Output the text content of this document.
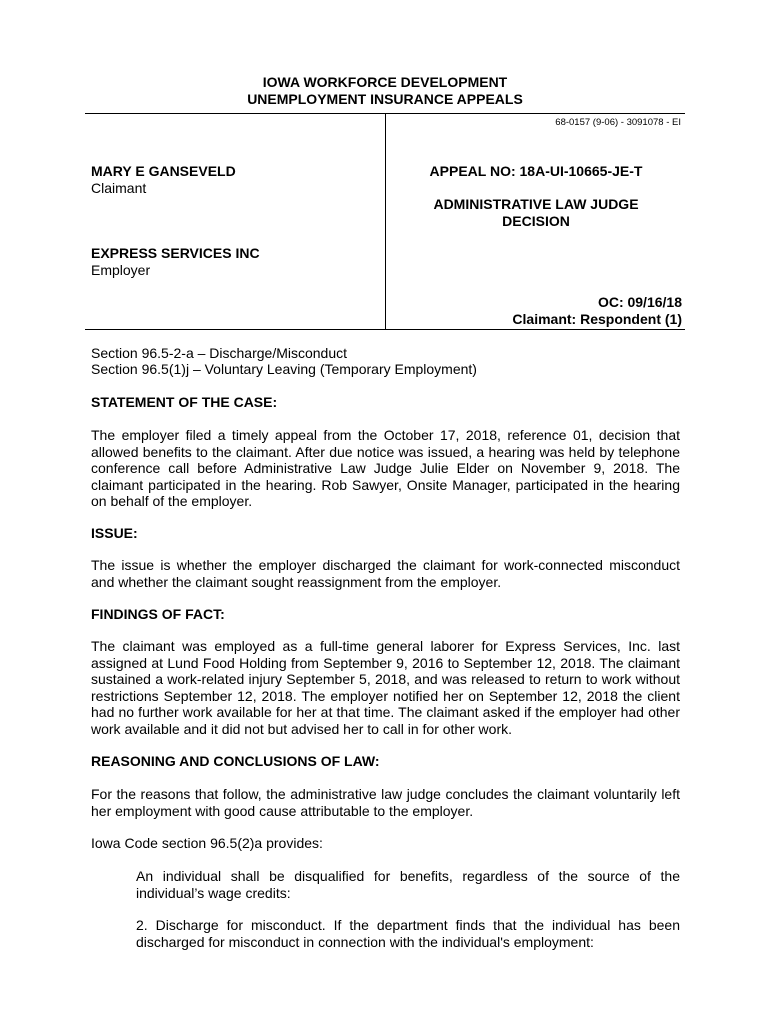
IOWA WORKFORCE DEVELOPMENT
UNEMPLOYMENT INSURANCE APPEALS
68-0157 (9-06) - 3091078 - EI
MARY E GANSEVELD
Claimant
EXPRESS SERVICES INC
Employer
APPEAL NO: 18A-UI-10665-JE-T
ADMINISTRATIVE LAW JUDGE
DECISION
OC: 09/16/18
Claimant: Respondent (1)
Section 96.5-2-a – Discharge/Misconduct
Section 96.5(1)j – Voluntary Leaving (Temporary Employment)
STATEMENT OF THE CASE:
The employer filed a timely appeal from the October 17, 2018, reference 01, decision that allowed benefits to the claimant. After due notice was issued, a hearing was held by telephone conference call before Administrative Law Judge Julie Elder on November 9, 2018. The claimant participated in the hearing. Rob Sawyer, Onsite Manager, participated in the hearing on behalf of the employer.
ISSUE:
The issue is whether the employer discharged the claimant for work-connected misconduct and whether the claimant sought reassignment from the employer.
FINDINGS OF FACT:
The claimant was employed as a full-time general laborer for Express Services, Inc. last assigned at Lund Food Holding from September 9, 2016 to September 12, 2018. The claimant sustained a work-related injury September 5, 2018, and was released to return to work without restrictions September 12, 2018. The employer notified her on September 12, 2018 the client had no further work available for her at that time. The claimant asked if the employer had other work available and it did not but advised her to call in for other work.
REASONING AND CONCLUSIONS OF LAW:
For the reasons that follow, the administrative law judge concludes the claimant voluntarily left her employment with good cause attributable to the employer.
Iowa Code section 96.5(2)a provides:
An individual shall be disqualified for benefits, regardless of the source of the individual’s wage credits:
2. Discharge for misconduct. If the department finds that the individual has been discharged for misconduct in connection with the individual's employment:
